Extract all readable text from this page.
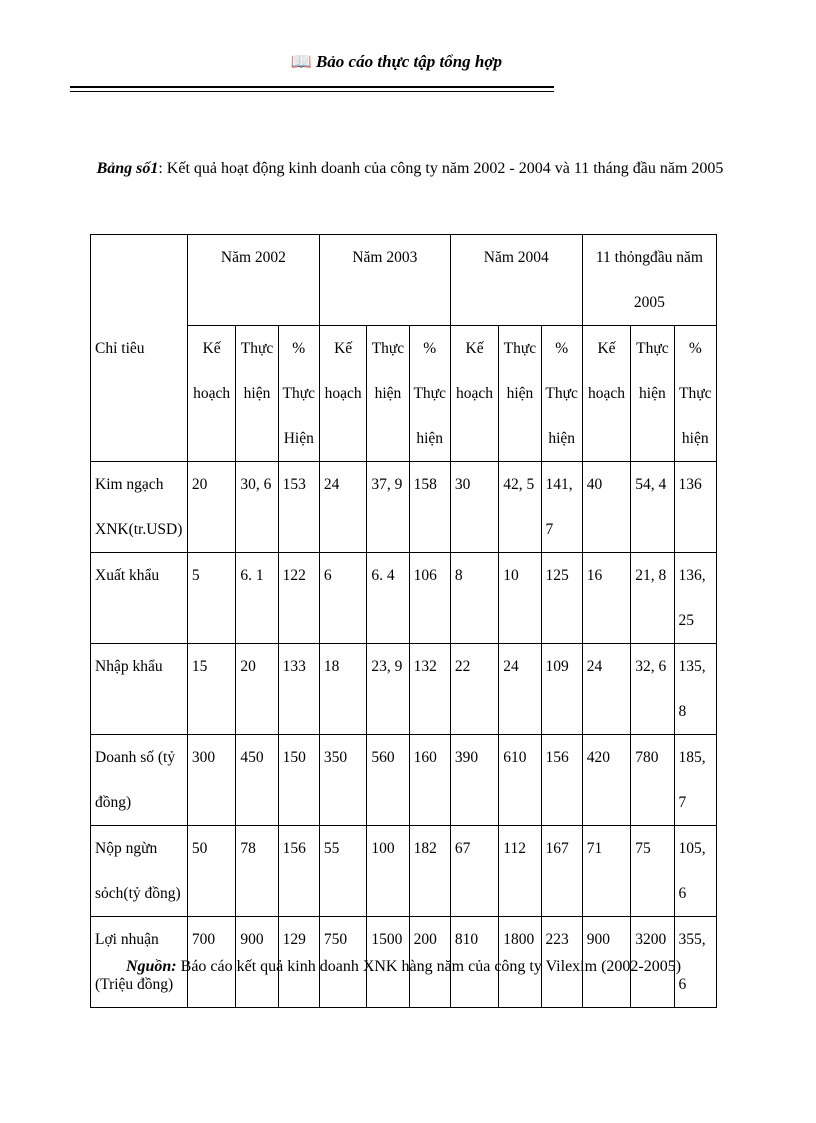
📖 Bảo cáo thực tập tổng hợp
Bảng số1: Kết quả hoạt động kinh doanh của công ty năm 2002 - 2004 và 11 tháng đầu năm 2005
Chỉ tiêu	Năm 2002			Năm 2003			Năm 2004			11 thỏngđầu năm 2005		
	Kế hoạch	Thực hiện	% Thực Hiện	Kế hoạch	Thực hiện	% Thực hiện	Kế hoạch	Thực hiện	% Thực hiện	Kế hoạch	Thực hiện	% Thực hiện
Kim ngạch XNK(tr.USD)	20	30, 6	153	24	37, 9	158	30	42, 5	141, 7	40	54, 4	136
Xuất khẩu	5	6. 1	122	6	6. 4	106	8	10	125	16	21, 8	136, 25
Nhập khẩu	15	20	133	18	23, 9	132	22	24	109	24	32, 6	135, 8
Doanh số (tỷ đồng)	300	450	150	350	560	160	390	610	156	420	780	185, 7
Nộp ngừn sỏch(tỷ đồng)	50	78	156	55	100	182	67	112	167	71	75	105, 6
Lợi nhuận (Triệu đồng)	700	900	129	750	1500	200	810	1800	223	900	3200	355, 6
Nguồn: Báo cáo kết quả kinh doanh XNK hàng năm của công ty Vilexim (2002-2005)
